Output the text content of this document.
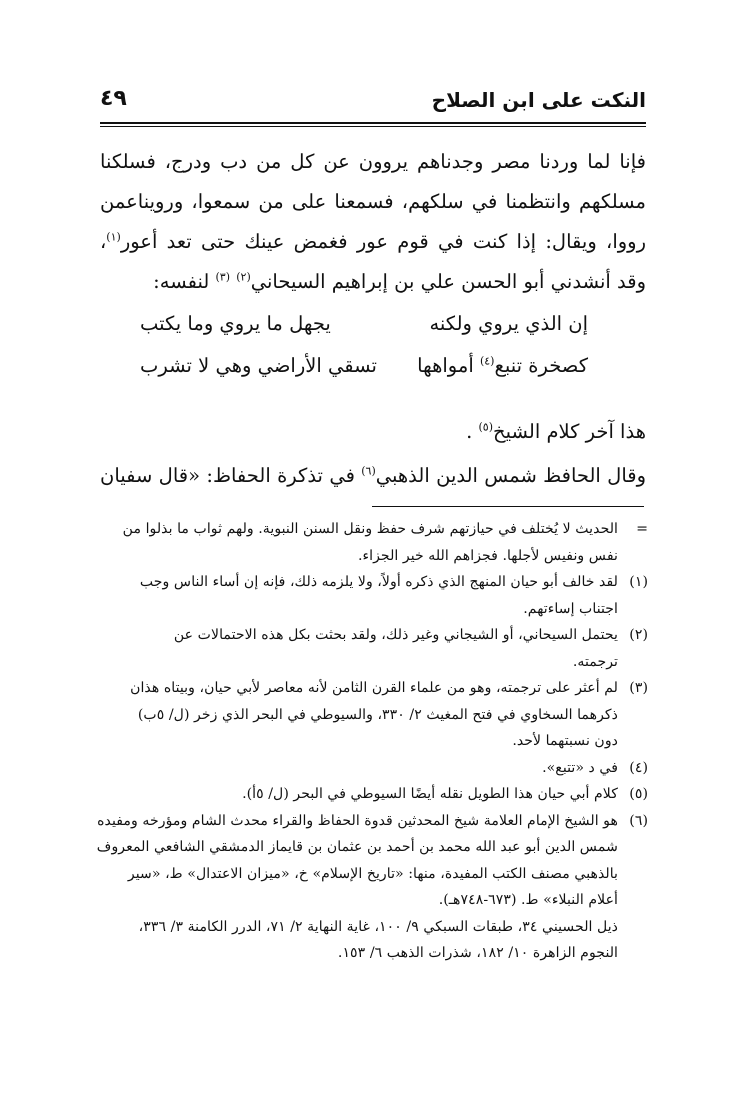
النكت على ابن الصلاح
٤٩

فإنا لما وردنا مصر وجدناهم يروون عن كل من دب ودرج، فسلكنا مسلكهم وانتظمنا في سلكهم، فسمعنا على من سمعوا، ورويناعمن رووا، ويقال: إذا كنت في قوم عور فغمض عينك حتى تعد أعور$^{(١)}$، وقد أنشدني أبو الحسن علي بن إبراهيم السيحاني$^{(٢)}$ $^{(٣)}$ لنفسه:

إن الذي يروي ولكنه
يجهل ما يروي وما يكتب
كصخرة تنبع$^{(٤)}$ أمواهها
تسقي الأراضي وهي لا تشرب
هذا آخر كلام الشيخ$^{(٥)}$ .
وقال الحافظ شمس الدين الذهبي$^{(٦)}$ في تذكرة الحفاظ: «قال سفيان
=
الحديث لا يُختلف في حيازتهم شرف حفظ ونقل السنن النبوية. ولهم ثواب ما بذلوا من
نفس ونفيس لأجلها. فجزاهم الله خير الجزاء.
(١)
لقد خالف أبو حيان المنهج الذي ذكره أولاً، ولا يلزمه ذلك، فإنه إن أساء الناس وجب
اجتناب إساءتهم.
(٢)
يحتمل السيحاني، أو الشيجاني وغير ذلك، ولقد بحثت بكل هذه الاحتمالات عن
ترجمته.
(٣)
لم أعثر على ترجمته، وهو من علماء القرن الثامن لأنه معاصر لأبي حيان، وبيتاه هذان
ذكرهما السخاوي في فتح المغيث ٢/ ٣٣٠، والسيوطي في البحر الذي زخر (ل/ ٥ب)
دون نسبتهما لأحد.
(٤)
في د «تتبع».
(٥)
كلام أبي حيان هذا الطويل نقله أيضًا السيوطي في البحر (ل/ ٥أ).
(٦)
هو الشيخ الإمام العلامة شيخ المحدثين قدوة الحفاظ والقراء محدث الشام ومؤرخه ومفيده
شمس الدين أبو عبد الله محمد بن أحمد بن عثمان بن قايماز الدمشقي الشافعي المعروف
بالذهبي مصنف الكتب المفيدة، منها: «تاريخ الإسلام» خ، «ميزان الاعتدال» ط، «سير
أعلام النبلاء» ط. (٦٧٣-٧٤٨هـ).
ذيل الحسيني ٣٤، طبقات السبكي ٩/ ١٠٠، غاية النهاية ٢/ ٧١، الدرر الكامنة ٣/ ٣٣٦،
النجوم الزاهرة ١٠/ ١٨٢، شذرات الذهب ٦/ ١٥٣.
